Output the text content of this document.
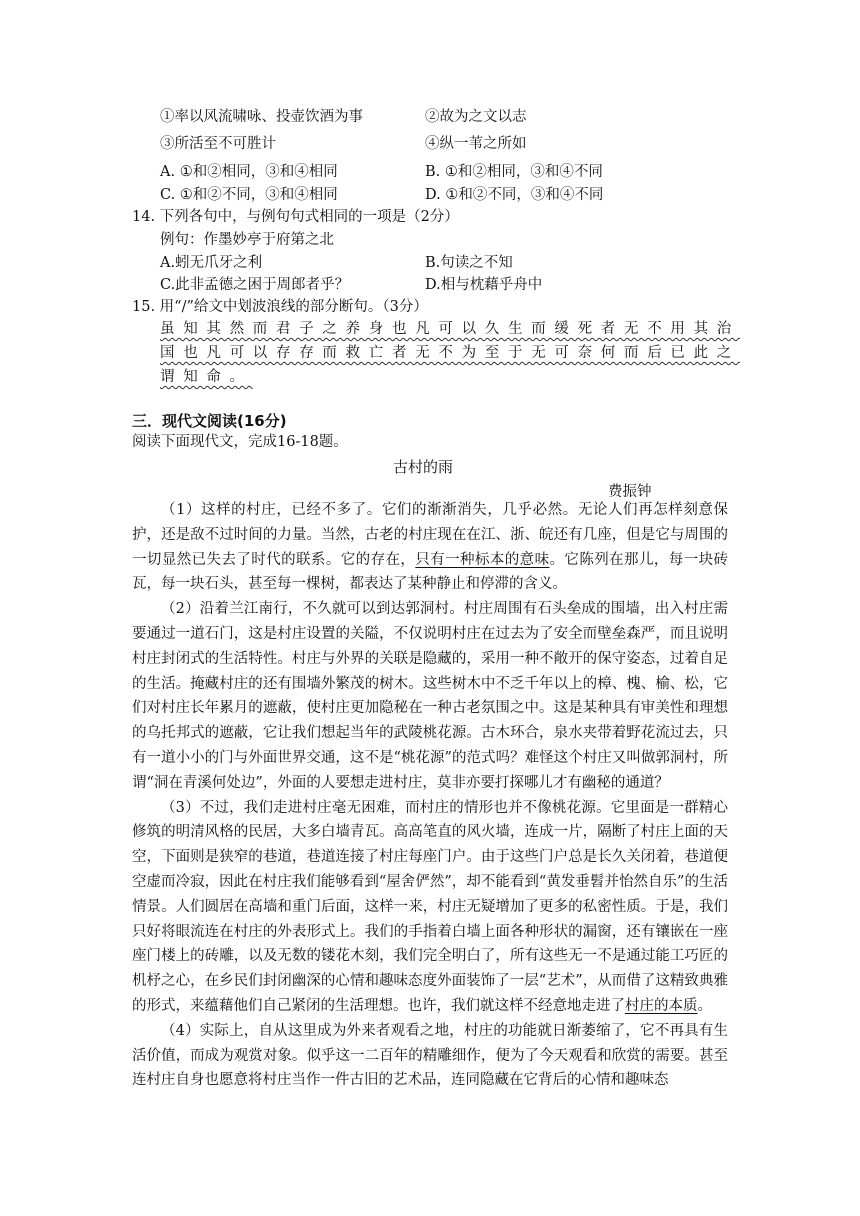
①率以风流啸咏、投壶饮酒为事	②故为之文以志
③所活至不可胜计	④纵一苇之所如
A. ①和②相同，③和④相同	B. ①和②相同，③和④不同
C. ①和②不同，③和④相同	D. ①和②不同，③和④不同
14. 下列各句中，与例句句式相同的一项是（2分）
例句：作墨妙亭于府第之北
A.蚓无爪牙之利	B.句读之不知
C.此非孟德之困于周郎者乎？	D.相与枕藉乎舟中
15. 用“/”给文中划波浪线的部分断句。（3分）
虽知其然而君子之养身也凡可以久生而缓死者无不用其治
国也凡可以存存而救亡者无不为至于无可奈何而后已此之
谓知命。
三．现代文阅读(16分)
阅读下面现代文，完成16-18题。
古村的雨
费振钟

（1）这样的村庄，已经不多了。它们的渐渐消失，几乎必然。无论人们再怎样刻意保护，还是敌不过时间的力量。当然，古老的村庄现在在江、浙、皖还有几座，但是它与周围的一切显然已失去了时代的联系。它的存在，只有一种标本的意味。它陈列在那儿，每一块砖瓦，每一块石头，甚至每一棵树，都表达了某种静止和停滞的含义。

（2）沿着兰江南行，不久就可以到达郭洞村。村庄周围有石头垒成的围墙，出入村庄需要通过一道石门，这是村庄设置的关隘，不仅说明村庄在过去为了安全而壁垒森严，而且说明村庄封闭式的生活特性。村庄与外界的关联是隐藏的，采用一种不敞开的保守姿态，过着自足的生活。掩藏村庄的还有围墙外繁茂的树木。这些树木中不乏千年以上的樟、槐、榆、松，它们对村庄长年累月的遮蔽，使村庄更加隐秘在一种古老氛围之中。这是某种具有审美性和理想的乌托邦式的遮蔽，它让我们想起当年的武陵桃花源。古木环合，泉水夹带着野花流过去，只有一道小小的门与外面世界交通，这不是“桃花源”的范式吗？难怪这个村庄又叫做郭洞村，所谓“洞在青溪何处边”，外面的人要想走进村庄，莫非亦要打探哪儿才有幽秘的通道？

（3）不过，我们走进村庄毫无困难，而村庄的情形也并不像桃花源。它里面是一群精心修筑的明清风格的民居，大多白墙青瓦。高高笔直的风火墙，连成一片，隔断了村庄上面的天空，下面则是狭窄的巷道，巷道连接了村庄每座门户。由于这些门户总是长久关闭着，巷道便空虚而冷寂，因此在村庄我们能够看到“屋舍俨然”，却不能看到“黄发垂髫并怡然自乐”的生活情景。人们圆居在高墙和重门后面，这样一来，村庄无疑增加了更多的私密性质。于是，我们只好将眼流连在村庄的外表形式上。我们的手指着白墙上面各种形状的漏窗，还有镶嵌在一座座门楼上的砖雕，以及无数的镂花木刻，我们完全明白了，所有这些无一不是通过能工巧匠的机杼之心，在乡民们封闭幽深的心情和趣味态度外面装饰了一层“艺术”，从而借了这精致典雅的形式，来蕴藉他们自己紧闭的生活理想。也许，我们就这样不经意地走进了村庄的本质。

（4）实际上，自从这里成为外来者观看之地，村庄的功能就日渐萎缩了，它不再具有生活价值，而成为观赏对象。似乎这一二百年的精雕细作，便为了今天观看和欣赏的需要。甚至连村庄自身也愿意将村庄当作一件古旧的艺术品，连同隐藏在它背后的心情和趣味态
